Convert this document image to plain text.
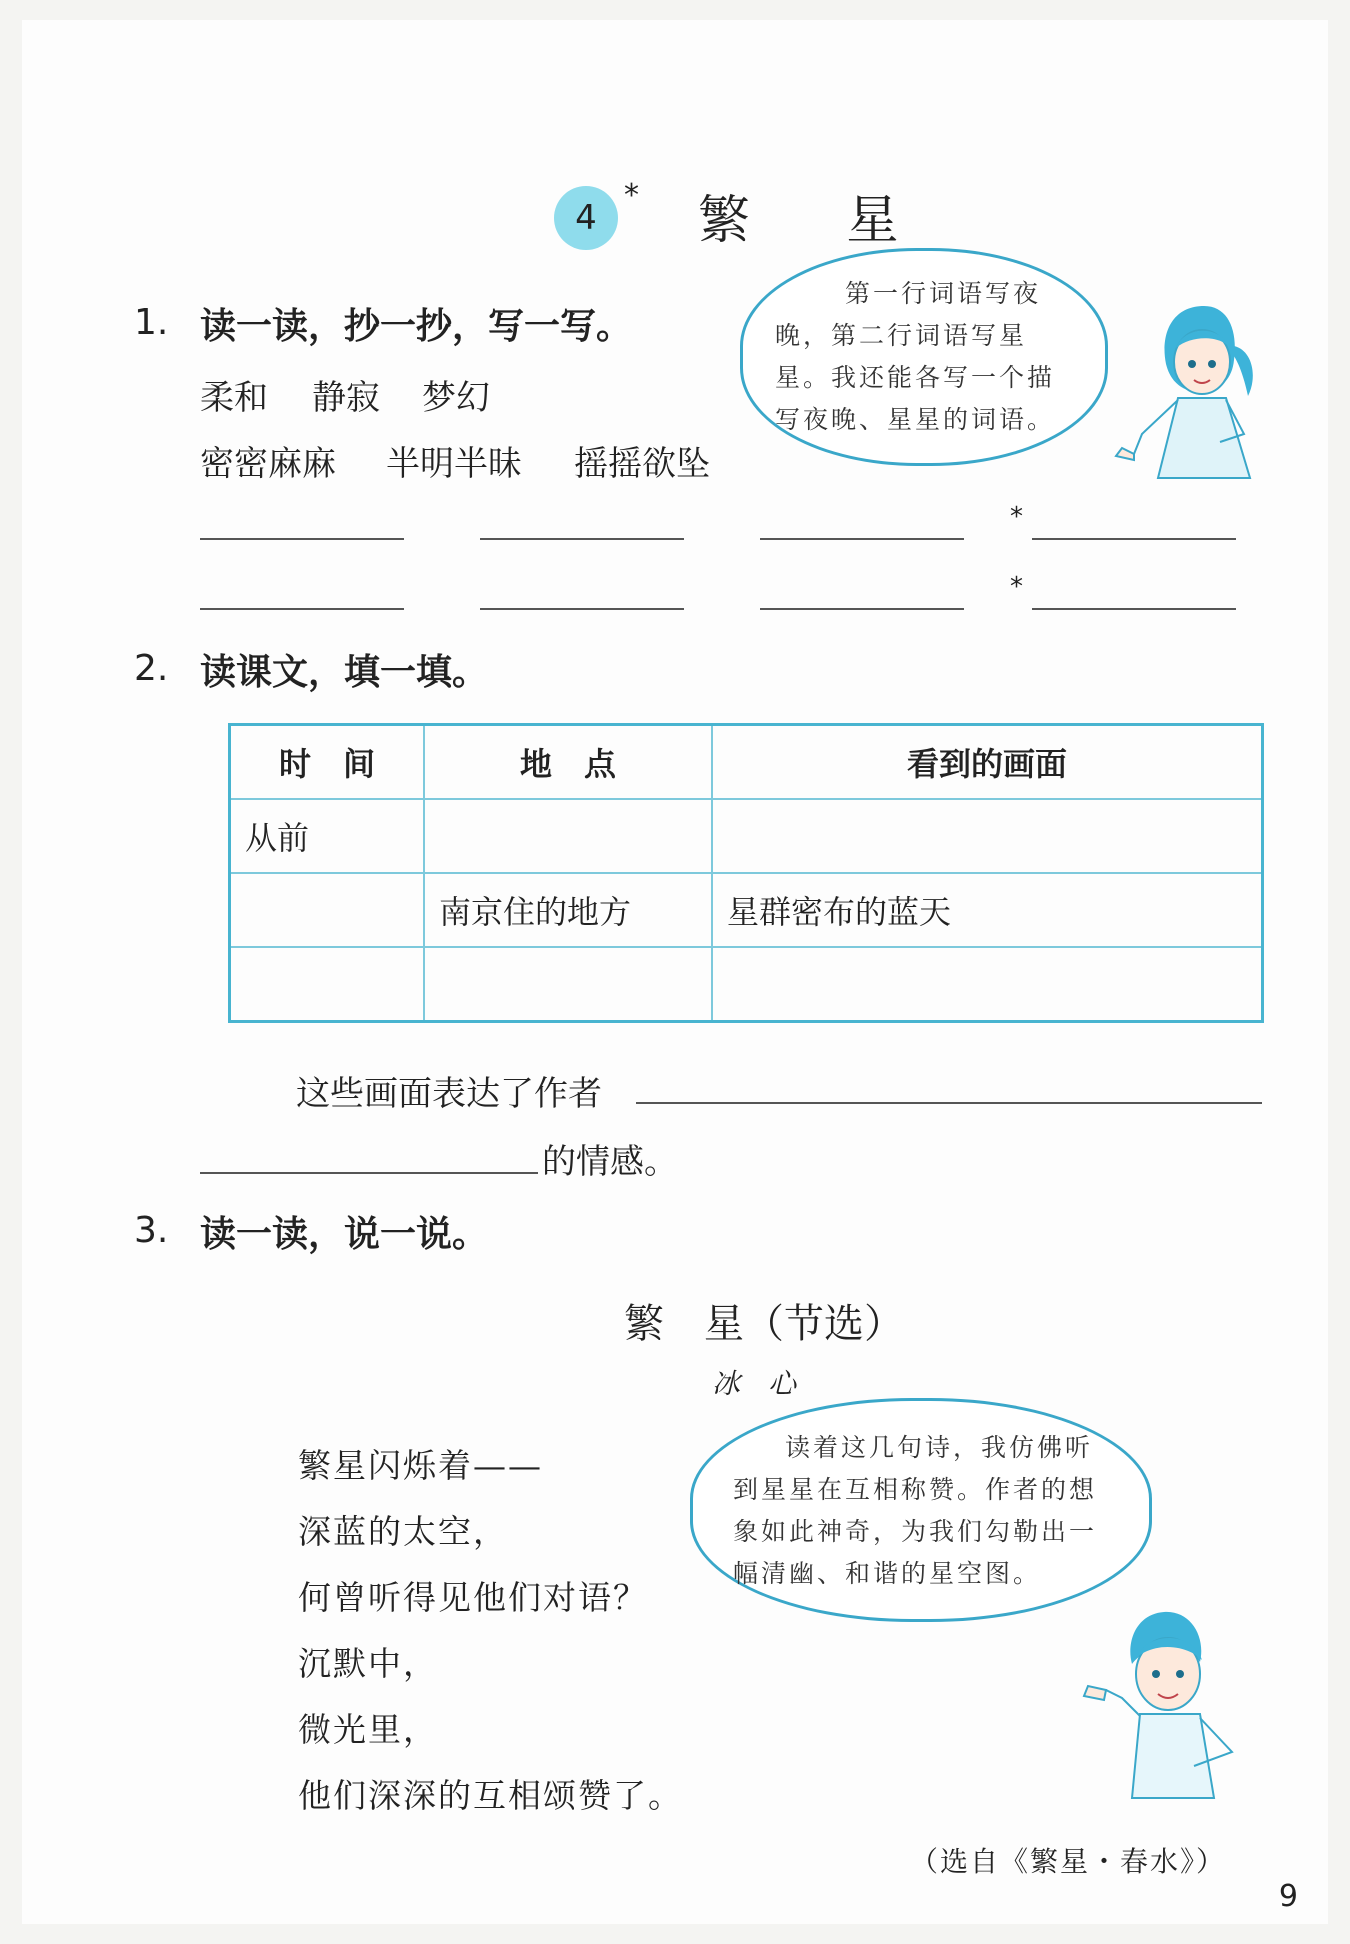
4
* 繁 星
1. 读一读，抄一抄，写一写。
柔和 静寂 梦幻
密密麻麻 半明半昧 摇摇欲坠
*
*
第一行词语写夜
晚，第二行词语写星
星。我还能各写一个描
写夜晚、星星的词语。
2. 读课文，填一填。
时　间	地　点	看到的画面
从前		
	南京住的地方	星群密布的蓝天

这些画面表达了作者
的情感。
3. 读一读，说一说。
繁　星（节选）
冰　心
繁星闪烁着——
深蓝的太空，
何曾听得见他们对语？
沉默中，
微光里，
他们深深的互相颂赞了。
读着这几句诗，我仿佛听
到星星在互相称赞。作者的想
象如此神奇，为我们勾勒出一
幅清幽、和谐的星空图。
（选自《繁星・春水》）
9
